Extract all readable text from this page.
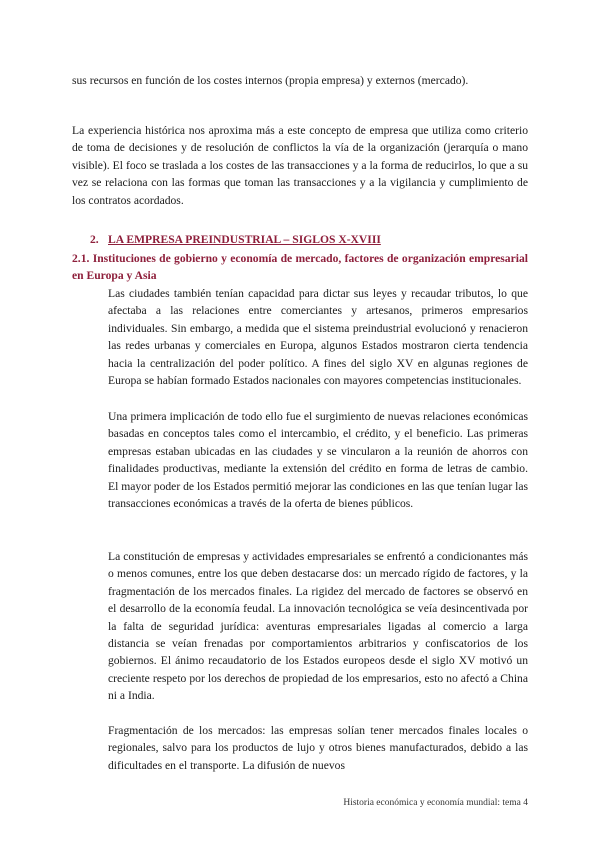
sus recursos en función de los costes internos (propia empresa) y externos (mercado).

La experiencia histórica nos aproxima más a este concepto de empresa que utiliza como criterio de toma de decisiones y de resolución de conflictos la vía de la organización (jerarquía o mano visible). El foco se traslada a los costes de las transacciones y a la forma de reducirlos, lo que a su vez se relaciona con las formas que toman las transacciones y a la vigilancia y cumplimiento de los contratos acordados.

2. LA EMPRESA PREINDUSTRIAL – SIGLOS X-XVIII

2.1. Instituciones de gobierno y economía de mercado, factores de organización empresarial en Europa y Asia

Las ciudades también tenían capacidad para dictar sus leyes y recaudar tributos, lo que afectaba a las relaciones entre comerciantes y artesanos, primeros empresarios individuales. Sin embargo, a medida que el sistema preindustrial evolucionó y renacieron las redes urbanas y comerciales en Europa, algunos Estados mostraron cierta tendencia hacia la centralización del poder político. A fines del siglo XV en algunas regiones de Europa se habían formado Estados nacionales con mayores competencias institucionales.

Una primera implicación de todo ello fue el surgimiento de nuevas relaciones económicas basadas en conceptos tales como el intercambio, el crédito, y el beneficio. Las primeras empresas estaban ubicadas en las ciudades y se vincularon a la reunión de ahorros con finalidades productivas, mediante la extensión del crédito en forma de letras de cambio. El mayor poder de los Estados permitió mejorar las condiciones en las que tenían lugar las transacciones económicas a través de la oferta de bienes públicos.

La constitución de empresas y actividades empresariales se enfrentó a condicionantes más o menos comunes, entre los que deben destacarse dos: un mercado rígido de factores, y la fragmentación de los mercados finales. La rigidez del mercado de factores se observó en el desarrollo de la economía feudal. La innovación tecnológica se veía desincentivada por la falta de seguridad jurídica: aventuras empresariales ligadas al comercio a larga distancia se veían frenadas por comportamientos arbitrarios y confiscatorios de los gobiernos. El ánimo recaudatorio de los Estados europeos desde el siglo XV motivó un creciente respeto por los derechos de propiedad de los empresarios, esto no afectó a China ni a India.

Fragmentación de los mercados: las empresas solían tener mercados finales locales o regionales, salvo para los productos de lujo y otros bienes manufacturados, debido a las dificultades en el transporte. La difusión de nuevos

Historia económica y economía mundial: tema 4
